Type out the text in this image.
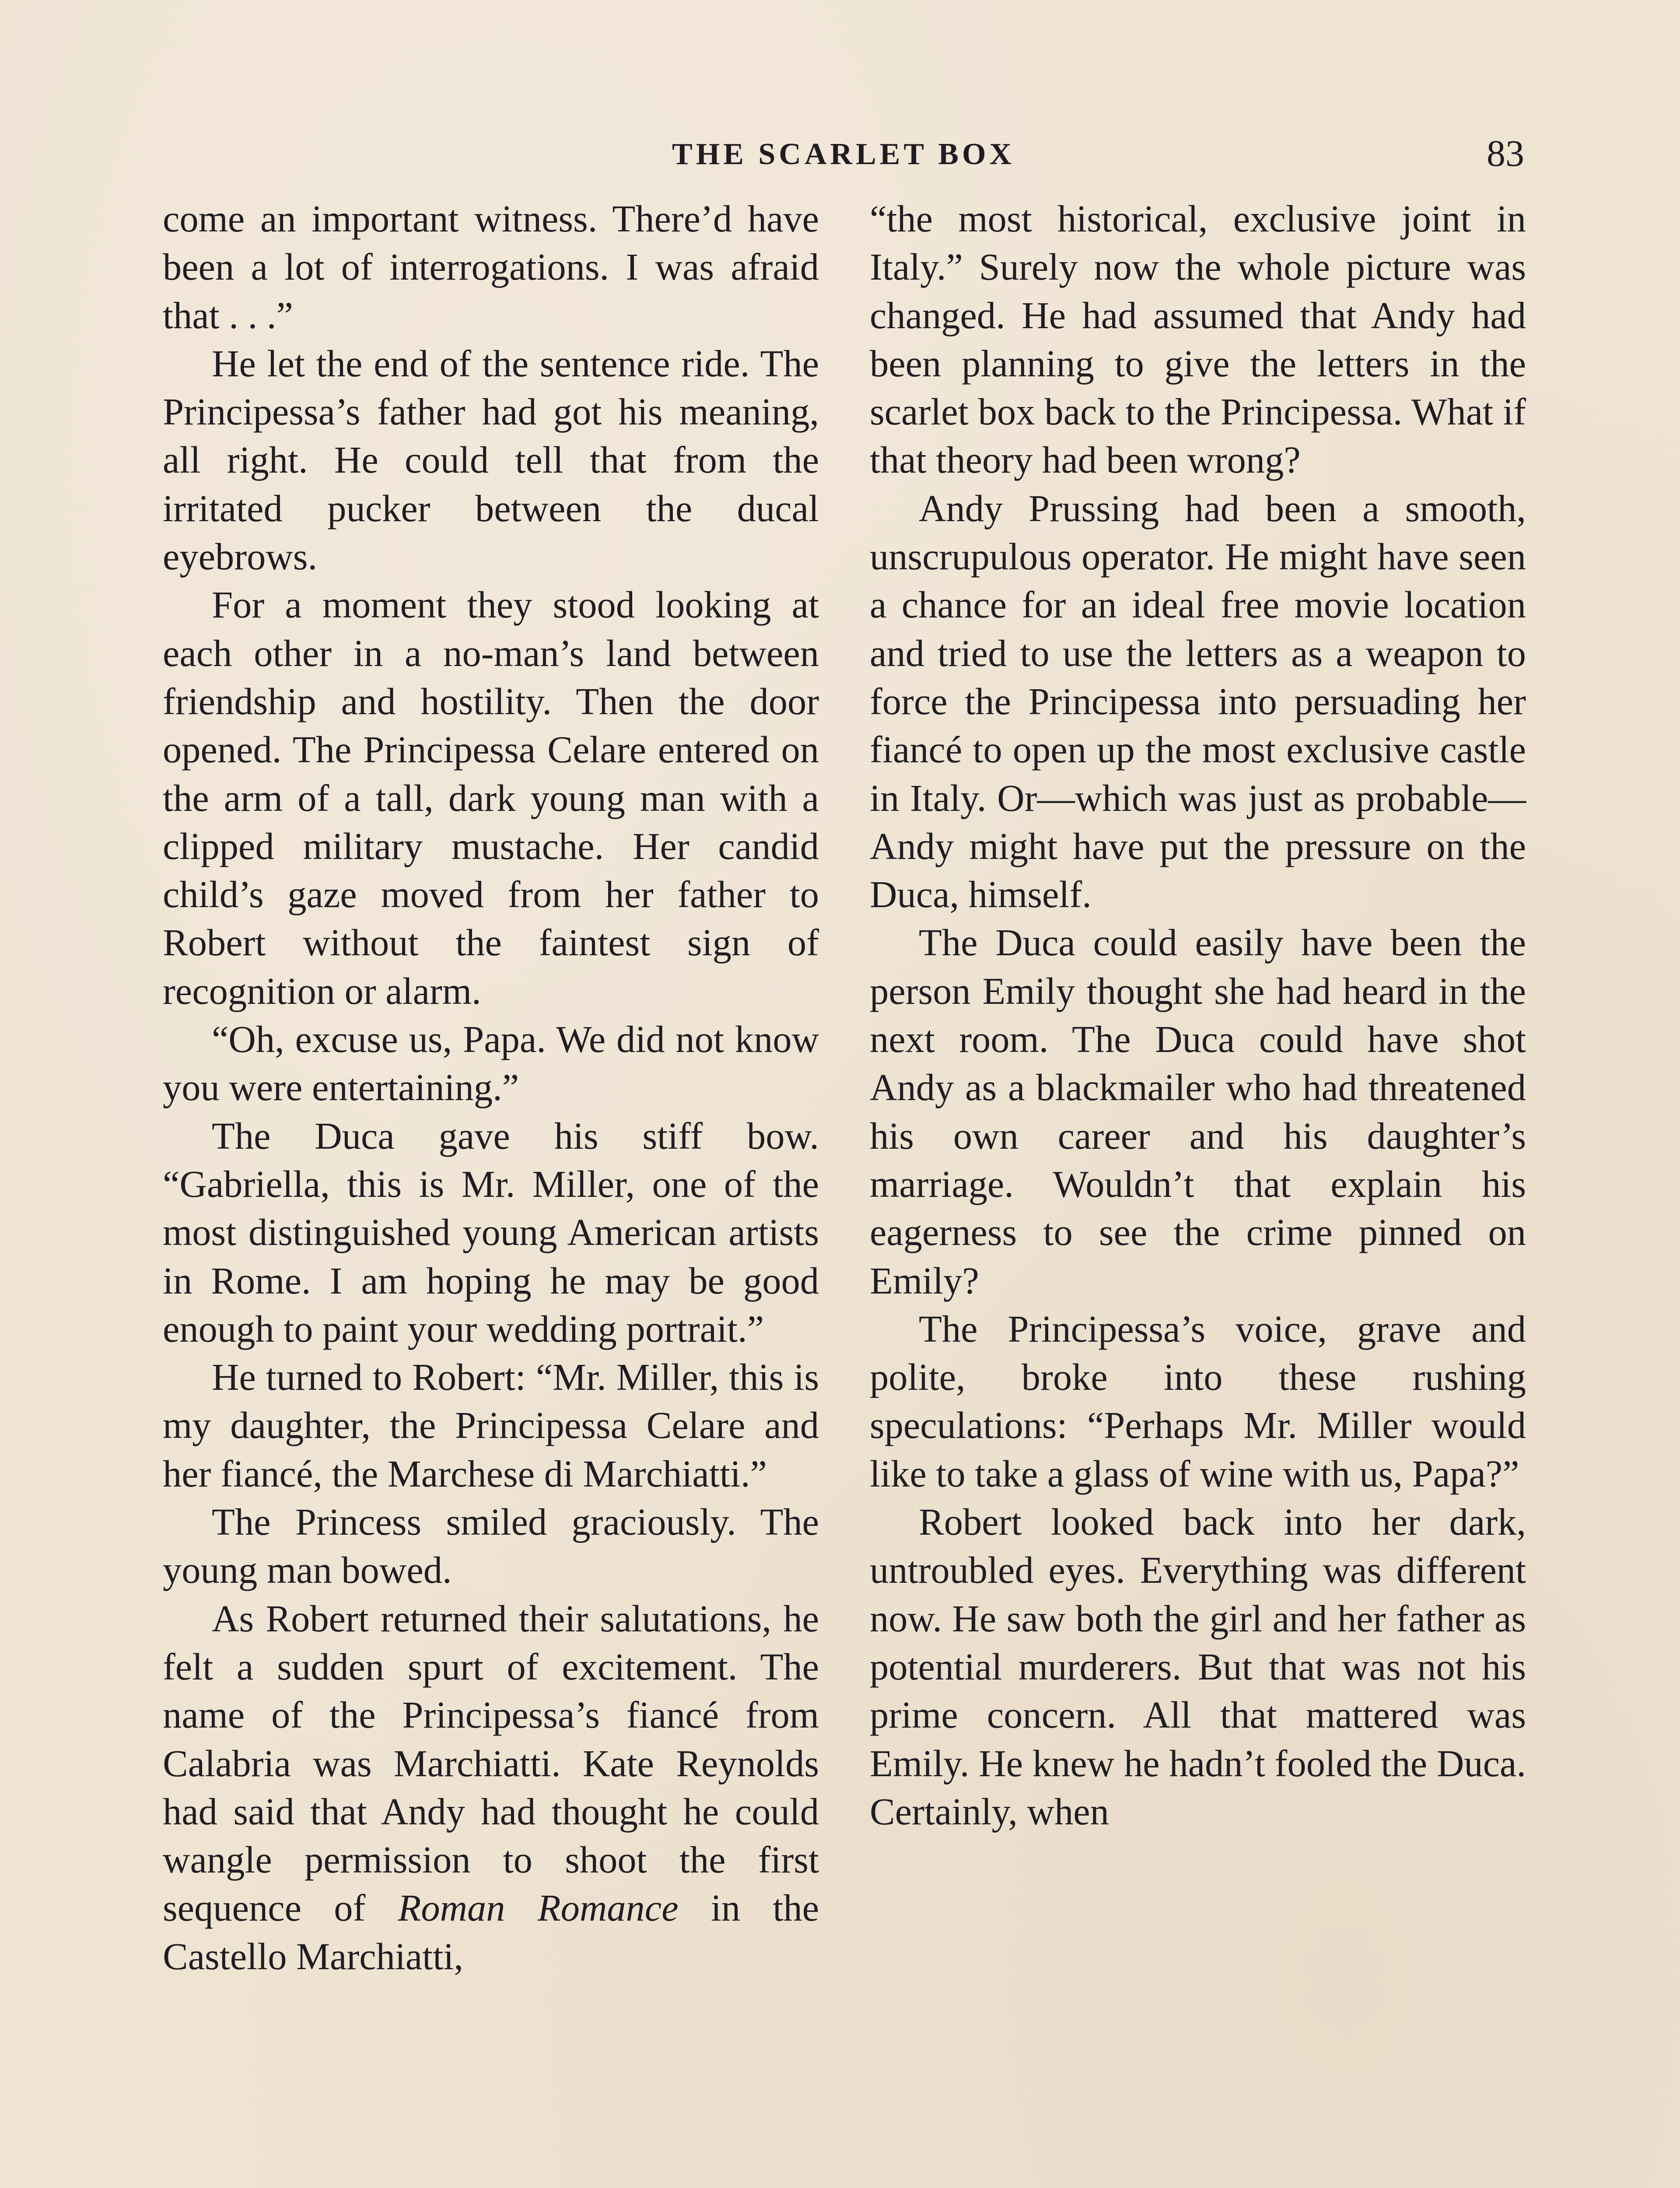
THE SCARLET BOX	83

come an important witness. There’d have been a lot of interrogations. I was afraid that . . .”

He let the end of the sentence ride. The Principessa’s father had got his meaning, all right. He could tell that from the irritated pucker between the ducal eyebrows.

For a moment they stood looking at each other in a no-man’s land between friendship and hostility. Then the door opened. The Principessa Celare entered on the arm of a tall, dark young man with a clipped military mustache. Her candid child’s gaze moved from her father to Robert without the faintest sign of recognition or alarm.

“Oh, excuse us, Papa. We did not know you were entertaining.”

The Duca gave his stiff bow. “Gabriella, this is Mr. Miller, one of the most distinguished young American artists in Rome. I am hoping he may be good enough to paint your wedding portrait.”

He turned to Robert: “Mr. Miller, this is my daughter, the Principessa Celare and her fiancé, the Marchese di Marchiatti.”

The Princess smiled graciously. The young man bowed.

As Robert returned their salutations, he felt a sudden spurt of excitement. The name of the Principessa’s fiancé from Calabria was Marchiatti. Kate Reynolds had said that Andy had thought he could wangle permission to shoot the first sequence of Roman Romance in the Castello Marchiatti,

“the most historical, exclusive joint in Italy.” Surely now the whole picture was changed. He had assumed that Andy had been planning to give the letters in the scarlet box back to the Principessa. What if that theory had been wrong?

Andy Prussing had been a smooth, unscrupulous operator. He might have seen a chance for an ideal free movie location and tried to use the letters as a weapon to force the Principessa into persuading her fiancé to open up the most exclusive castle in Italy. Or—which was just as probable—Andy might have put the pressure on the Duca, himself.

The Duca could easily have been the person Emily thought she had heard in the next room. The Duca could have shot Andy as a blackmailer who had threatened his own career and his daughter’s marriage. Wouldn’t that explain his eagerness to see the crime pinned on Emily?

The Principessa’s voice, grave and polite, broke into these rushing speculations: “Perhaps Mr. Miller would like to take a glass of wine with us, Papa?”

Robert looked back into her dark, untroubled eyes. Everything was different now. He saw both the girl and her father as potential murderers. But that was not his prime concern. All that mattered was Emily. He knew he hadn’t fooled the Duca. Certainly, when
